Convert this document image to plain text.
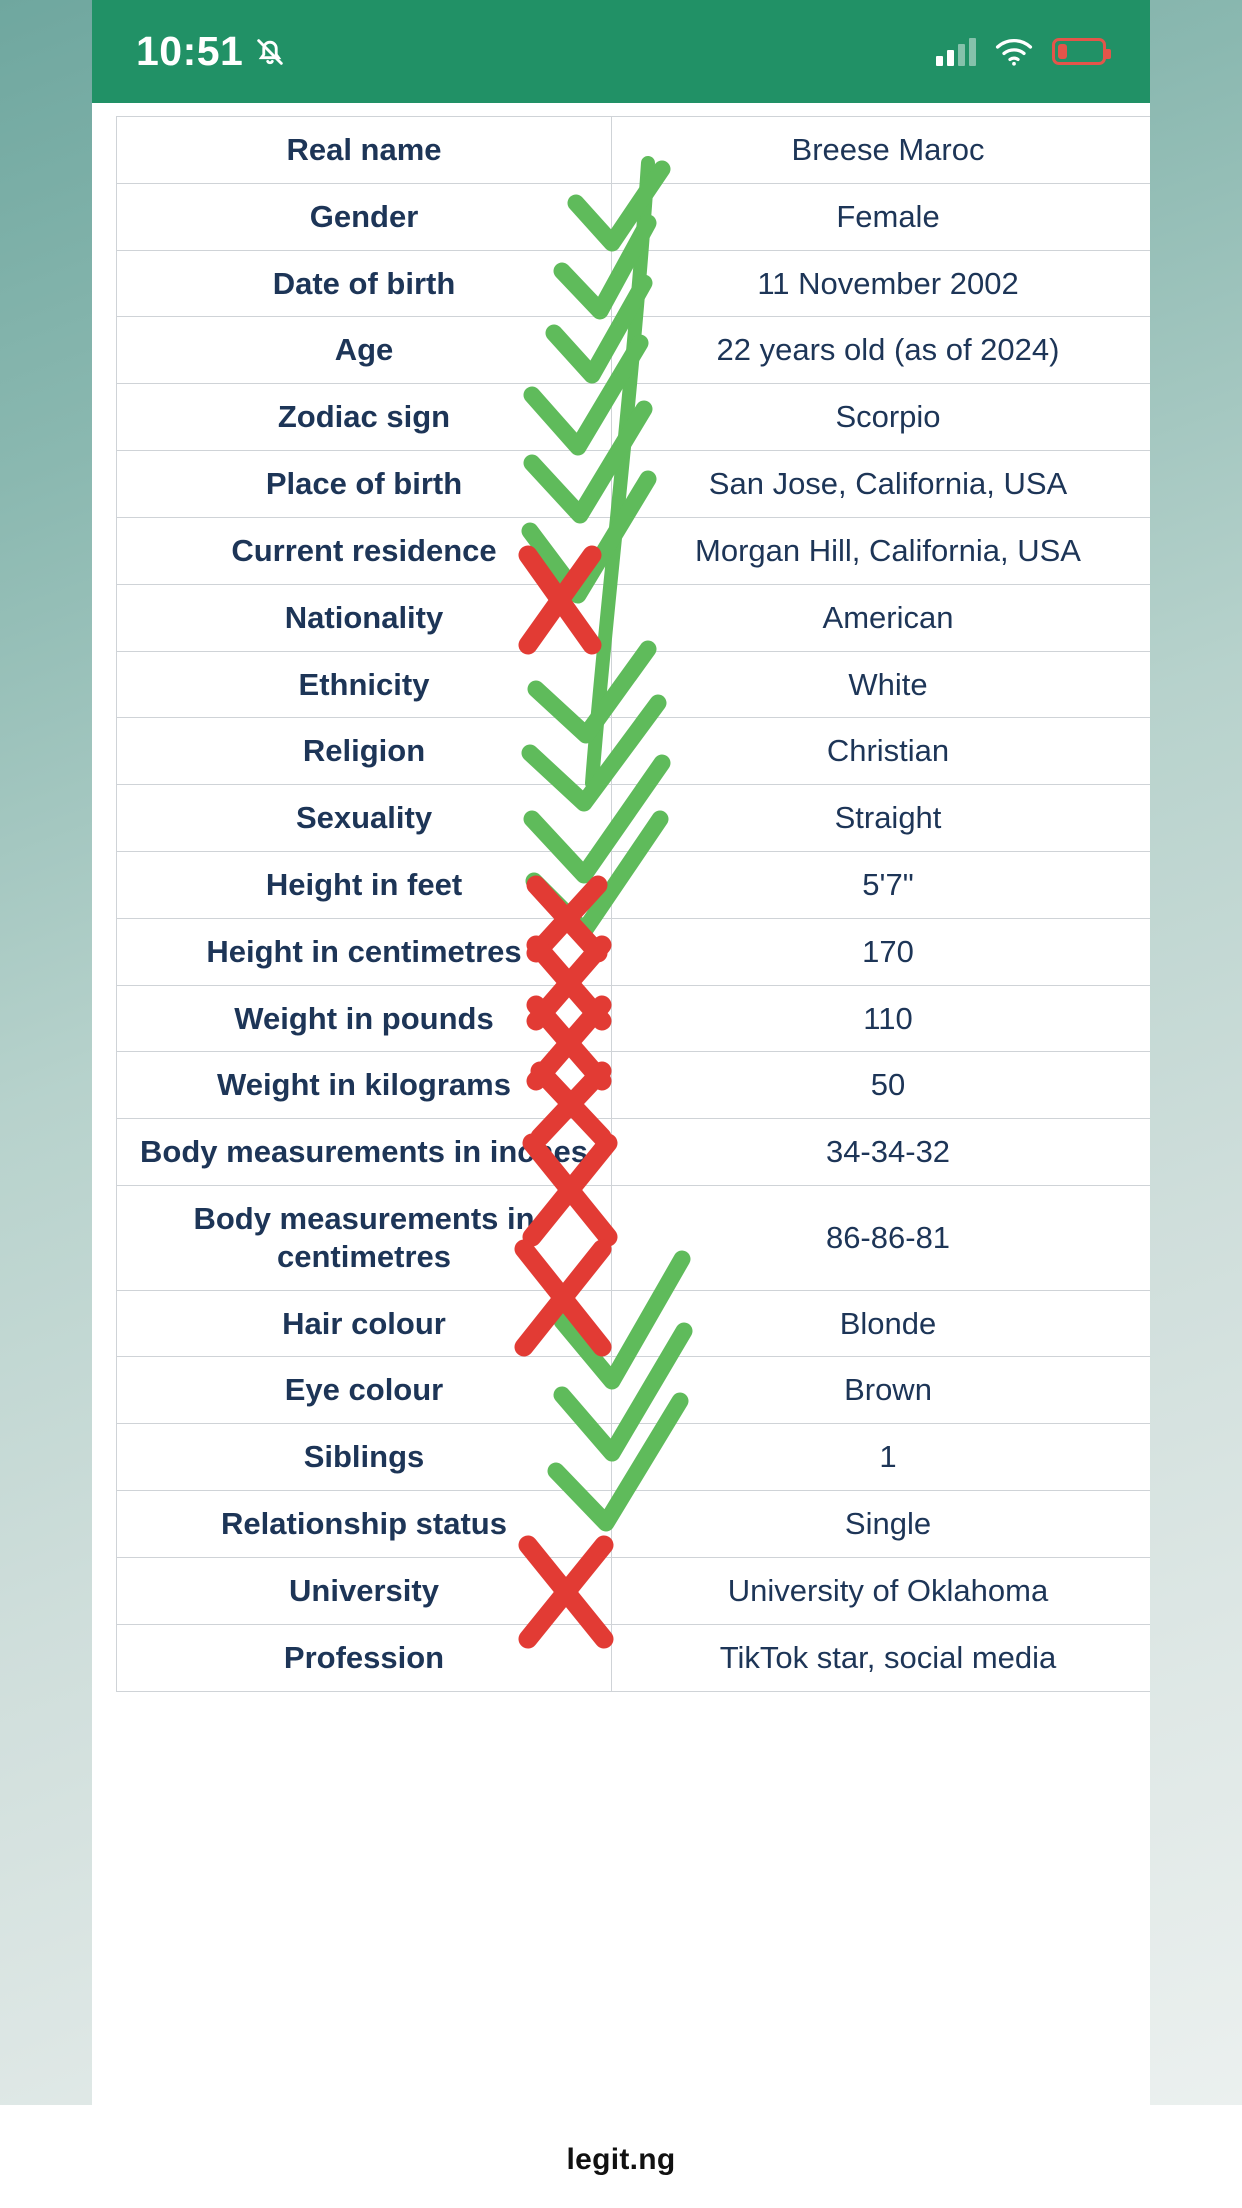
10:51
Real name	Breese Maroc
Gender	Female
Date of birth	11 November 2002
Age	22 years old (as of 2024)
Zodiac sign	Scorpio
Place of birth	San Jose, California, USA
Current residence	Morgan Hill, California, USA
Nationality	American
Ethnicity	White
Religion	Christian
Sexuality	Straight
Height in feet	5'7"
Height in centimetres	170
Weight in pounds	110
Weight in kilograms	50
Body measurements in inches	34-34-32
Body measurements in centimetres	86-86-81
Hair colour	Blonde
Eye colour	Brown
Siblings	1
Relationship status	Single
University	University of Oklahoma
Profession	TikTok star, social media
legit.ng
